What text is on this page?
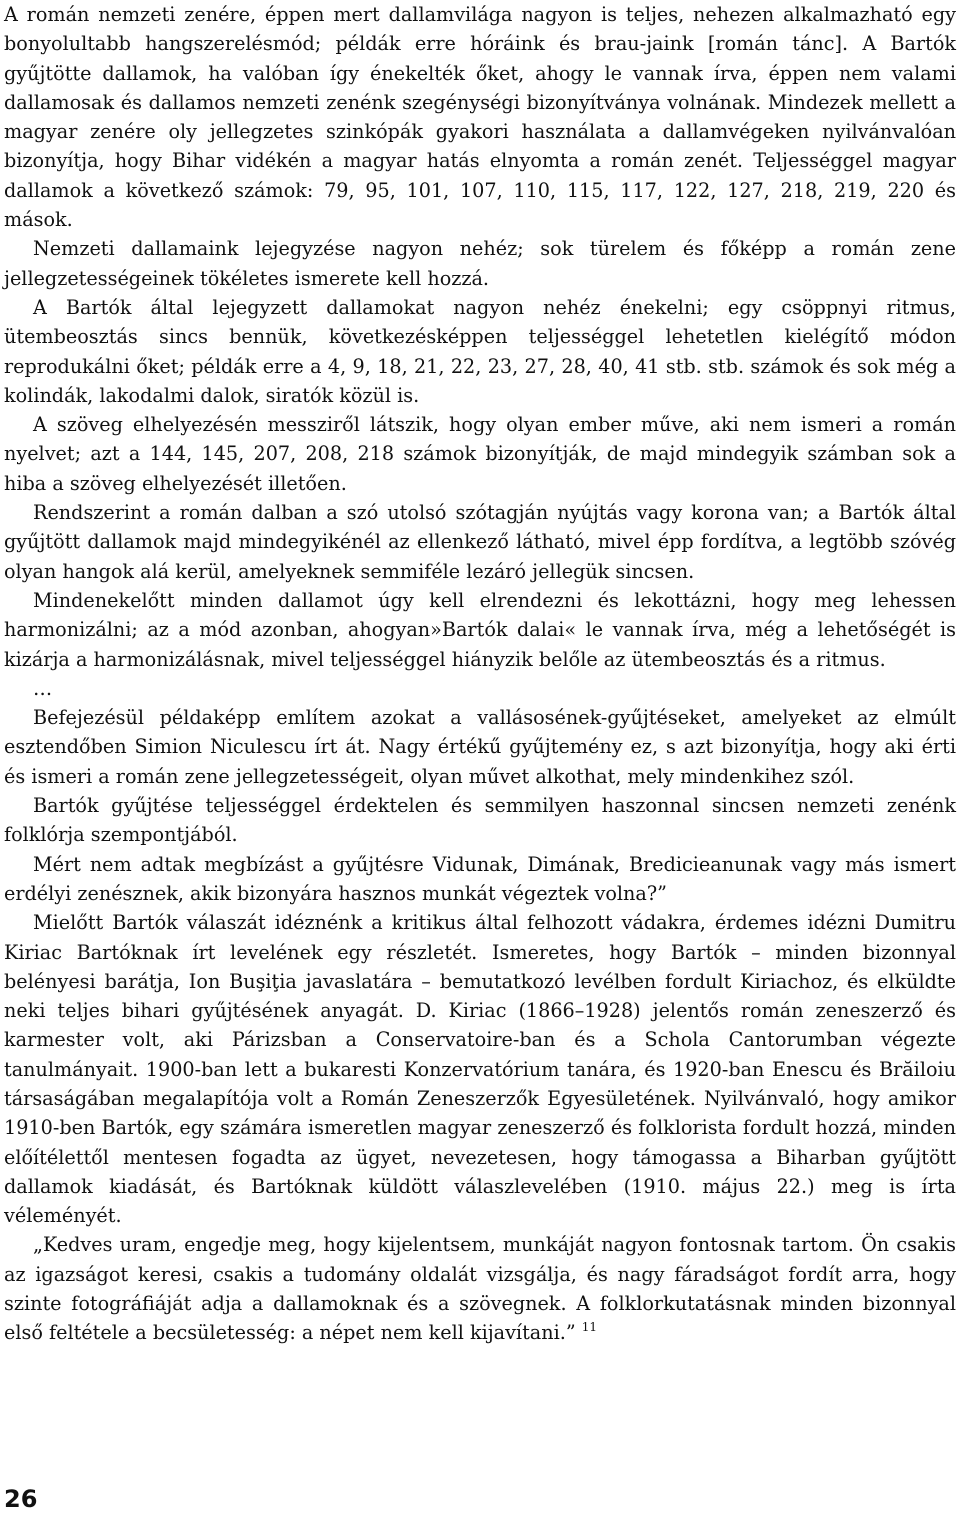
A román nemzeti zenére, éppen mert dallamvilága nagyon is teljes, nehezen alkalmazható egy bonyolultabb hangszerelésmód; példák erre hóráink és brau-jaink [román tánc]. A Bartók gyűjtötte dallamok, ha valóban így énekelték őket, ahogy le vannak írva, éppen nem valami dallamosak és dallamos nemzeti zenénk szegénységi bizonyítványa volnának. Mindezek mellett a magyar zenére oly jellegzetes szinkópák gyakori használata a dallamvégeken nyilvánvalóan bizonyítja, hogy Bihar vidékén a magyar hatás elnyomta a román zenét. Teljességgel magyar dallamok a következő számok: 79, 95, 101, 107, 110, 115, 117, 122, 127, 218, 219, 220 és mások.

Nemzeti dallamaink lejegyzése nagyon nehéz; sok türelem és főképp a román zene jellegzetességeinek tökéletes ismerete kell hozzá.

A Bartók által lejegyzett dallamokat nagyon nehéz énekelni; egy csöppnyi ritmus, ütembeosztás sincs bennük, következésképpen teljességgel lehetetlen kielégítő módon reprodukálni őket; példák erre a 4, 9, 18, 21, 22, 23, 27, 28, 40, 41 stb. stb. számok és sok még a kolindák, lakodalmi dalok, siratók közül is.

A szöveg elhelyezésén messziről látszik, hogy olyan ember műve, aki nem ismeri a román nyelvet; azt a 144, 145, 207, 208, 218 számok bizonyítják, de majd mindegyik számban sok a hiba a szöveg elhelyezését illetően.

Rendszerint a román dalban a szó utolsó szótagján nyújtás vagy korona van; a Bartók által gyűjtött dallamok majd mindegyikénél az ellenkező látható, mivel épp fordítva, a legtöbb szóvég olyan hangok alá kerül, amelyeknek semmiféle lezáró jellegük sincsen.

Mindenekelőtt minden dallamot úgy kell elrendezni és lekottázni, hogy meg lehessen harmonizálni; az a mód azonban, ahogyan»Bartók dalai« le vannak írva, még a lehetőségét is kizárja a harmonizálásnak, mivel teljességgel hiányzik belőle az ütembeosztás és a ritmus.

…

Befejezésül példaképp említem azokat a vallásosének-gyűjtéseket, amelyeket az elmúlt esztendőben Simion Niculescu írt át. Nagy értékű gyűjtemény ez, s azt bizonyítja, hogy aki érti és ismeri a román zene jellegzetességeit, olyan művet alkothat, mely mindenkihez szól.

Bartók gyűjtése teljességgel érdektelen és semmilyen haszonnal sincsen nemzeti zenénk folklórja szempontjából.

Mért nem adtak megbízást a gyűjtésre Vidunak, Dimának, Bredicieanunak vagy más ismert erdélyi zenésznek, akik bizonyára hasznos munkát végeztek volna?”

Mielőtt Bartók válaszát idéznénk a kritikus által felhozott vádakra, érdemes idézni Dumitru Kiriac Bartóknak írt levelének egy részletét. Ismeretes, hogy Bartók – minden bizonnyal belényesi barátja, Ion Buşiţia javaslatára – bemutatkozó levélben fordult Kiriachoz, és elküldte neki teljes bihari gyűjtésének anyagát. D. Kiriac (1866–1928) jelentős román zeneszerző és karmester volt, aki Párizsban a Conservatoire-ban és a Schola Cantorumban végezte tanulmányait. 1900-ban lett a bukaresti Konzervatórium tanára, és 1920-ban Enescu és Brăiloiu társaságában megalapítója volt a Román Zeneszerzők Egyesületének. Nyilvánvaló, hogy amikor 1910-ben Bartók, egy számára ismeretlen magyar zeneszerző és folklorista fordult hozzá, minden előítélettől mentesen fogadta az ügyet, nevezetesen, hogy támogassa a Biharban gyűjtött dallamok kiadását, és Bartóknak küldött válaszlevelében (1910. május 22.) meg is írta véleményét.

„Kedves uram, engedje meg, hogy kijelentsem, munkáját nagyon fontosnak tartom. Ön csakis az igazságot keresi, csakis a tudomány oldalát vizsgálja, és nagy fáradságot fordít arra, hogy szinte fotográfiáját adja a dallamoknak és a szövegnek. A folklorkutatásnak minden bizonnyal első feltétele a becsületesség: a népet nem kell kijavítani.” $^{11}$

26
